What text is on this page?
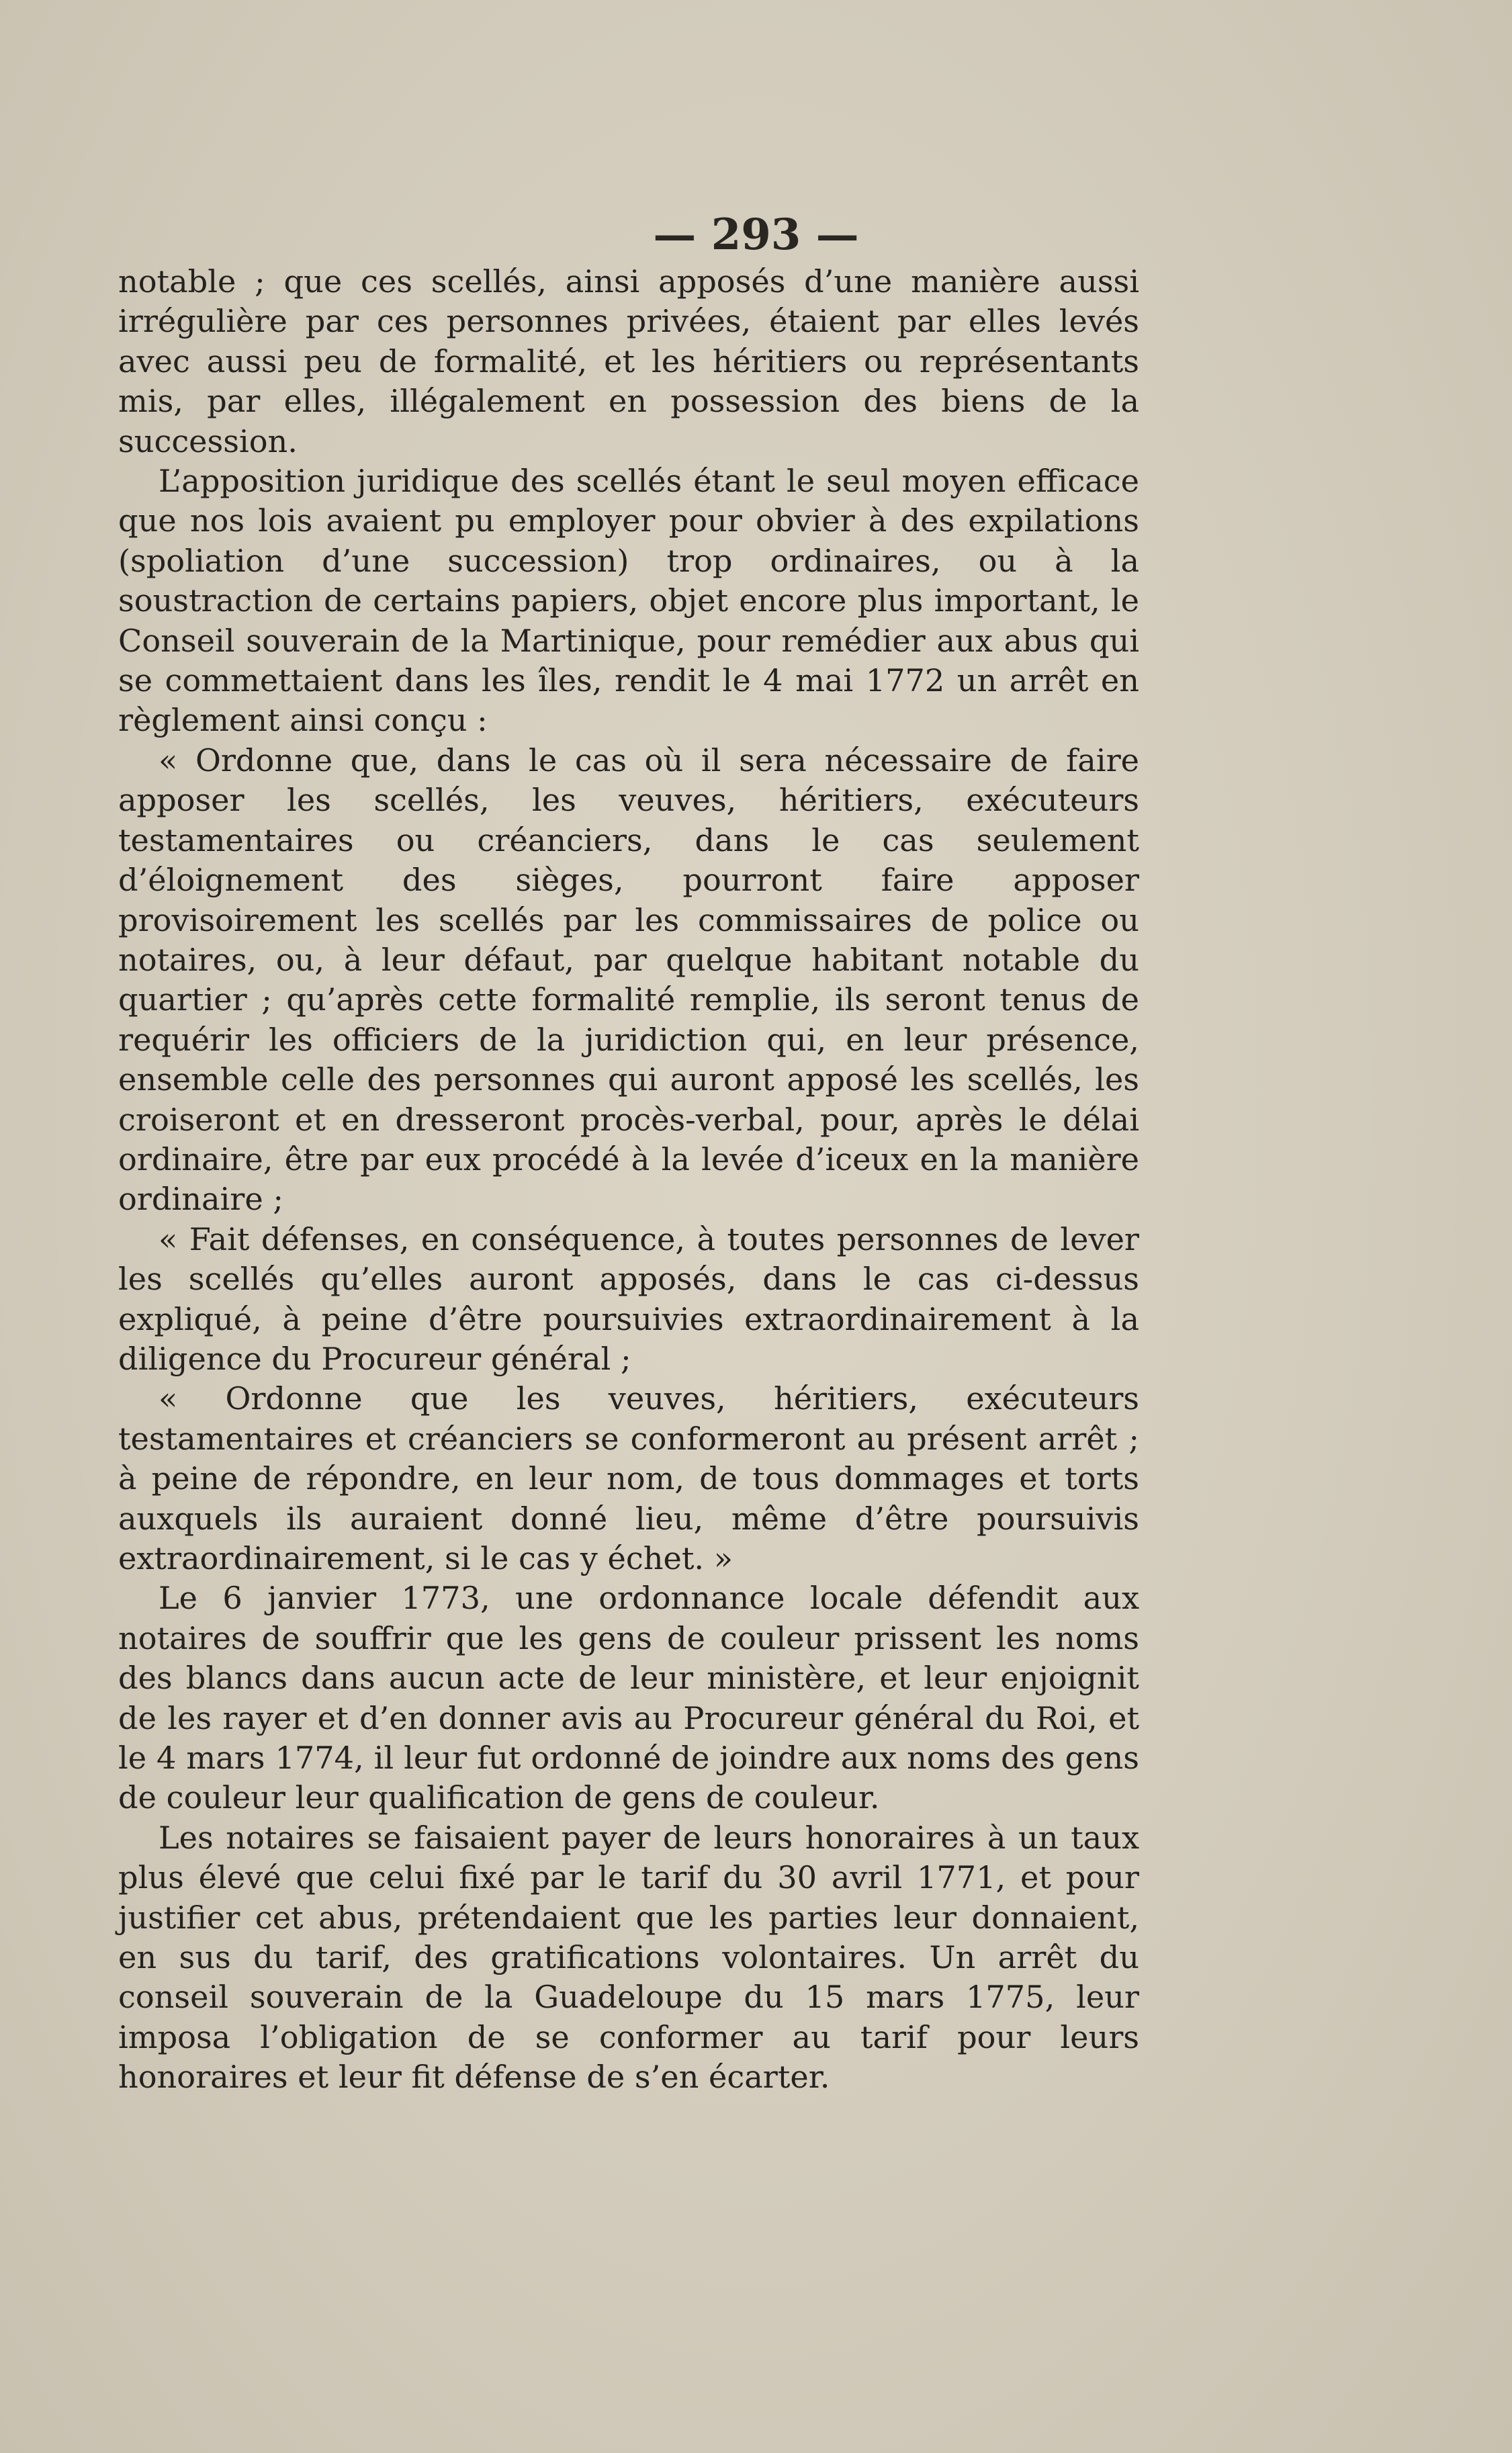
— 293 —

notable ; que ces scellés, ainsi apposés d’une manière aussi irrégulière par ces personnes privées, étaient par elles levés avec aussi peu de formalité, et les héritiers ou représentants mis, par elles, illégalement en possession des biens de la succession.

L’apposition juridique des scellés étant le seul moyen efficace que nos lois avaient pu employer pour obvier à des expilations (spoliation d’une succession) trop ordinaires, ou à la soustraction de certains papiers, objet encore plus important, le Conseil souverain de la Martinique, pour remédier aux abus qui se commettaient dans les îles, rendit le 4 mai 1772 un arrêt en règlement ainsi conçu :

« Ordonne que, dans le cas où il sera nécessaire de faire apposer les scellés, les veuves, héritiers, exécuteurs testamentaires ou créanciers, dans le cas seulement d’éloignement des sièges, pourront faire apposer provisoirement les scellés par les commissaires de police ou notaires, ou, à leur défaut, par quelque habitant notable du quartier ; qu’après cette formalité remplie, ils seront tenus de requérir les officiers de la juridiction qui, en leur présence, ensemble celle des personnes qui auront apposé les scellés, les croiseront et en dresseront procès-verbal, pour, après le délai ordinaire, être par eux procédé à la levée d’iceux en la manière ordinaire ;

« Fait défenses, en conséquence, à toutes personnes de lever les scellés qu’elles auront apposés, dans le cas ci-dessus expliqué, à peine d’être poursuivies extraordinairement à la diligence du Procureur général ;

« Ordonne que les veuves, héritiers, exécuteurs testamentaires et créanciers se conformeront au présent arrêt ; à peine de répondre, en leur nom, de tous dommages et torts auxquels ils auraient donné lieu, même d’être poursuivis extraordinairement, si le cas y échet. »

Le 6 janvier 1773, une ordonnance locale défendit aux notaires de souffrir que les gens de couleur prissent les noms des blancs dans aucun acte de leur ministère, et leur enjoignit de les rayer et d’en donner avis au Procureur général du Roi, et le 4 mars 1774, il leur fut ordonné de joindre aux noms des gens de couleur leur qualification de gens de couleur.

Les notaires se faisaient payer de leurs honoraires à un taux plus élevé que celui fixé par le tarif du 30 avril 1771, et pour justifier cet abus, prétendaient que les parties leur donnaient, en sus du tarif, des gratifications volontaires. Un arrêt du conseil souverain de la Guadeloupe du 15 mars 1775, leur imposa l’obligation de se conformer au tarif pour leurs honoraires et leur fit défense de s’en écarter.
